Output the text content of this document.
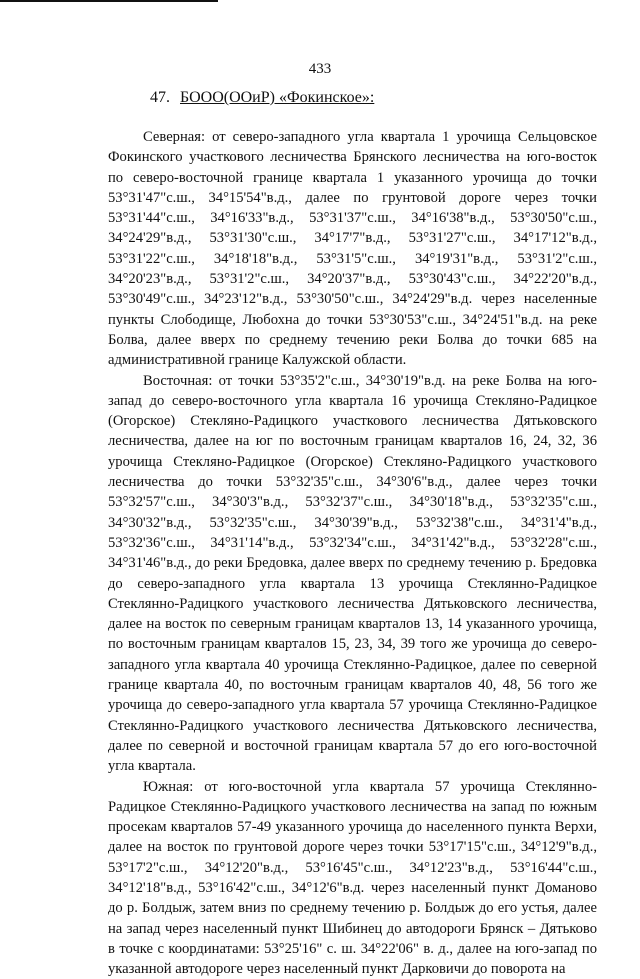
433
47. БООО(ООиР) «Фокинское»:

Северная: от северо-западного угла квартала 1 урочища Сельцовское Фокинского участкового лесничества Брянского лесничества на юго-восток по северо-восточной границе квартала 1 указанного урочища до точки 53°31'47"с.ш., 34°15'54"в.д., далее по грунтовой дороге через точки 53°31'44"с.ш., 34°16'33"в.д., 53°31'37"с.ш., 34°16'38"в.д., 53°30'50"с.ш., 34°24'29"в.д., 53°31'30"с.ш., 34°17'7"в.д., 53°31'27"с.ш., 34°17'12"в.д., 53°31'22"с.ш., 34°18'18"в.д., 53°31'5"с.ш., 34°19'31"в.д., 53°31'2"с.ш., 34°20'23"в.д., 53°31'2"с.ш., 34°20'37"в.д., 53°30'43"с.ш., 34°22'20"в.д., 53°30'49"с.ш., 34°23'12"в.д., 53°30'50"с.ш., 34°24'29"в.д. через населенные пункты Слободище, Любохна до точки 53°30'53"с.ш., 34°24'51"в.д. на реке Болва, далее вверх по среднему течению реки Болва до точки 685 на административной границе Калужской области.

Восточная: от точки 53°35'2"с.ш., 34°30'19"в.д. на реке Болва на юго-запад до северо-восточного угла квартала 16 урочища Стекляно-Радицкое (Огорское) Стекляно-Радицкого участкового лесничества Дятьковского лесничества, далее на юг по восточным границам кварталов 16, 24, 32, 36 урочища Стекляно-Радицкое (Огорское) Стекляно-Радицкого участкового лесничества до точки 53°32'35"с.ш., 34°30'6"в.д., далее через точки 53°32'57"с.ш., 34°30'3"в.д., 53°32'37"с.ш., 34°30'18"в.д., 53°32'35"с.ш., 34°30'32"в.д., 53°32'35"с.ш., 34°30'39"в.д., 53°32'38"с.ш., 34°31'4"в.д., 53°32'36"с.ш., 34°31'14"в.д., 53°32'34"с.ш., 34°31'42"в.д., 53°32'28"с.ш., 34°31'46"в.д., до реки Бредовка, далее вверх по среднему течению р. Бредовка до северо-западного угла квартала 13 урочища Стеклянно-Радицкое Стеклянно-Радицкого участкового лесничества Дятьковского лесничества, далее на восток по северным границам кварталов 13, 14 указанного урочища, по восточным границам кварталов 15, 23, 34, 39 того же урочища до северо-западного угла квартала 40 урочища Стеклянно-Радицкое, далее по северной границе квартала 40, по восточным границам кварталов 40, 48, 56 того же урочища до северо-западного угла квартала 57 урочища Стеклянно-Радицкое Стеклянно-Радицкого участкового лесничества Дятьковского лесничества, далее по северной и восточной границам квартала 57 до его юго-восточной угла квартала.

Южная: от юго-восточной угла квартала 57 урочища Стеклянно-Радицкое Стеклянно-Радицкого участкового лесничества на запад по южным просекам кварталов 57-49 указанного урочища до населенного пункта Верхи, далее на восток по грунтовой дороге через точки 53°17'15"с.ш., 34°12'9"в.д., 53°17'2"с.ш., 34°12'20"в.д., 53°16'45"с.ш., 34°12'23"в.д., 53°16'44"с.ш., 34°12'18"в.д., 53°16'42"с.ш., 34°12'6"в.д. через населенный пункт Доманово до р. Болдыж, затем вниз по среднему течению р. Болдыж до его устья, далее на запад через населенный пункт Шибинец до автодороги Брянск – Дятьково в точке с координатами: 53°25'16" с. ш. 34°22'06" в. д., далее на юго-запад по указанной автодороге через населенный пункт Дарковичи до поворота на
